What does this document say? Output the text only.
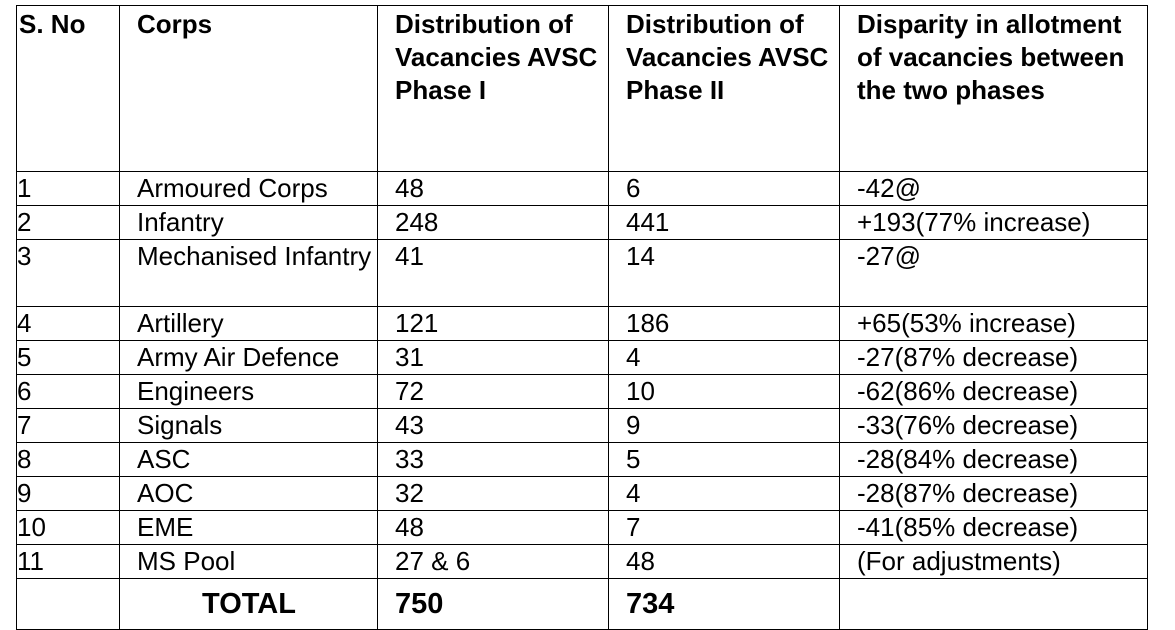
S. No	Corps	Distribution of Vacancies AVSC Phase I	Distribution of Vacancies AVSC Phase II	Disparity in allotment of vacancies between the two phases
1	Armoured Corps	48	6	-42@
2	Infantry	248	441	+193(77% increase)
3	Mechanised Infantry	41	14	-27@
4	Artillery	121	186	+65(53% increase)
5	Army Air Defence	31	4	-27(87% decrease)
6	Engineers	72	10	-62(86% decrease)
7	Signals	43	9	-33(76% decrease)
8	ASC	33	5	-28(84% decrease)
9	AOC	32	4	-28(87% decrease)
10	EME	48	7	-41(85% decrease)
11	MS Pool	27 & 6	48	(For adjustments)
	TOTAL	750	734	
